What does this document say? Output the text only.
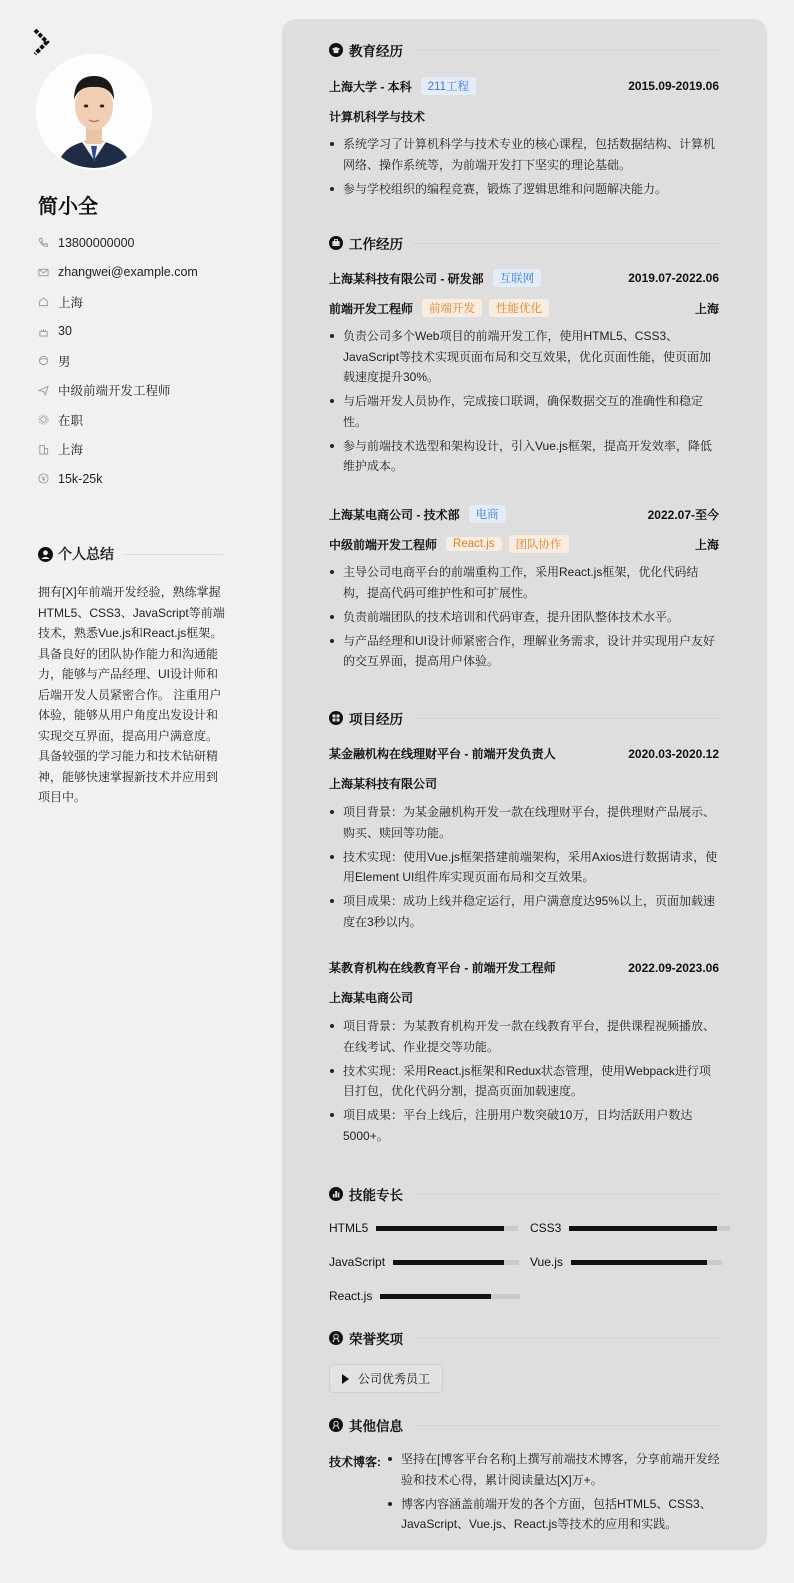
简小全
13800000000
zhangwei@example.com
上海
30
男
中级前端开发工程师
在职
上海
15k-25k
个人总结
拥有[X]年前端开发经验，熟练掌握HTML5、CSS3、JavaScript等前端技术，熟悉Vue.js和React.js框架。 具备良好的团队协作能力和沟通能力，能够与产品经理、UI设计师和后端开发人员紧密合作。 注重用户体验，能够从用户角度出发设计和实现交互界面，提高用户满意度。 具备较强的学习能力和技术钻研精神，能够快速掌握新技术并应用到项目中。
教育经历
上海大学 - 本科	211工程	2015.09-2019.06
计算机科学与技术
系统学习了计算机科学与技术专业的核心课程，包括数据结构、计算机网络、操作系统等，为前端开发打下坚实的理论基础。
参与学校组织的编程竞赛，锻炼了逻辑思维和问题解决能力。
工作经历
上海某科技有限公司 - 研发部	互联网	2019.07-2022.06
前端开发工程师	前端开发	性能优化	上海
负责公司多个Web项目的前端开发工作，使用HTML5、CSS3、JavaScript等技术实现页面布局和交互效果，优化页面性能，使页面加载速度提升30%。
与后端开发人员协作，完成接口联调，确保数据交互的准确性和稳定性。
参与前端技术选型和架构设计，引入Vue.js框架，提高开发效率，降低维护成本。
上海某电商公司 - 技术部	电商	2022.07-至今
中级前端开发工程师	React.js	团队协作	上海
主导公司电商平台的前端重构工作，采用React.js框架，优化代码结构，提高代码可维护性和可扩展性。
负责前端团队的技术培训和代码审查，提升团队整体技术水平。
与产品经理和UI设计师紧密合作，理解业务需求，设计并实现用户友好的交互界面，提高用户体验。
项目经历
某金融机构在线理财平台 - 前端开发负责人	2020.03-2020.12
上海某科技有限公司
项目背景：为某金融机构开发一款在线理财平台，提供理财产品展示、购买、赎回等功能。
技术实现：使用Vue.js框架搭建前端架构，采用Axios进行数据请求，使用Element UI组件库实现页面布局和交互效果。
项目成果：成功上线并稳定运行，用户满意度达95%以上，页面加载速度在3秒以内。
某教育机构在线教育平台 - 前端开发工程师	2022.09-2023.06
上海某电商公司
项目背景：为某教育机构开发一款在线教育平台，提供课程视频播放、在线考试、作业提交等功能。
技术实现：采用React.js框架和Redux状态管理，使用Webpack进行项目打包，优化代码分割，提高页面加载速度。
项目成果：平台上线后，注册用户数突破10万，日均活跃用户数达5000+。
技能专长
HTML5	CSS3
JavaScript	Vue.js
React.js
荣誉奖项
公司优秀员工
其他信息
技术博客:	坚持在[博客平台名称]上撰写前端技术博客，分享前端开发经验和技术心得，累计阅读量达[X]万+。
博客内容涵盖前端开发的各个方面，包括HTML5、CSS3、JavaScript、Vue.js、React.js等技术的应用和实践。
